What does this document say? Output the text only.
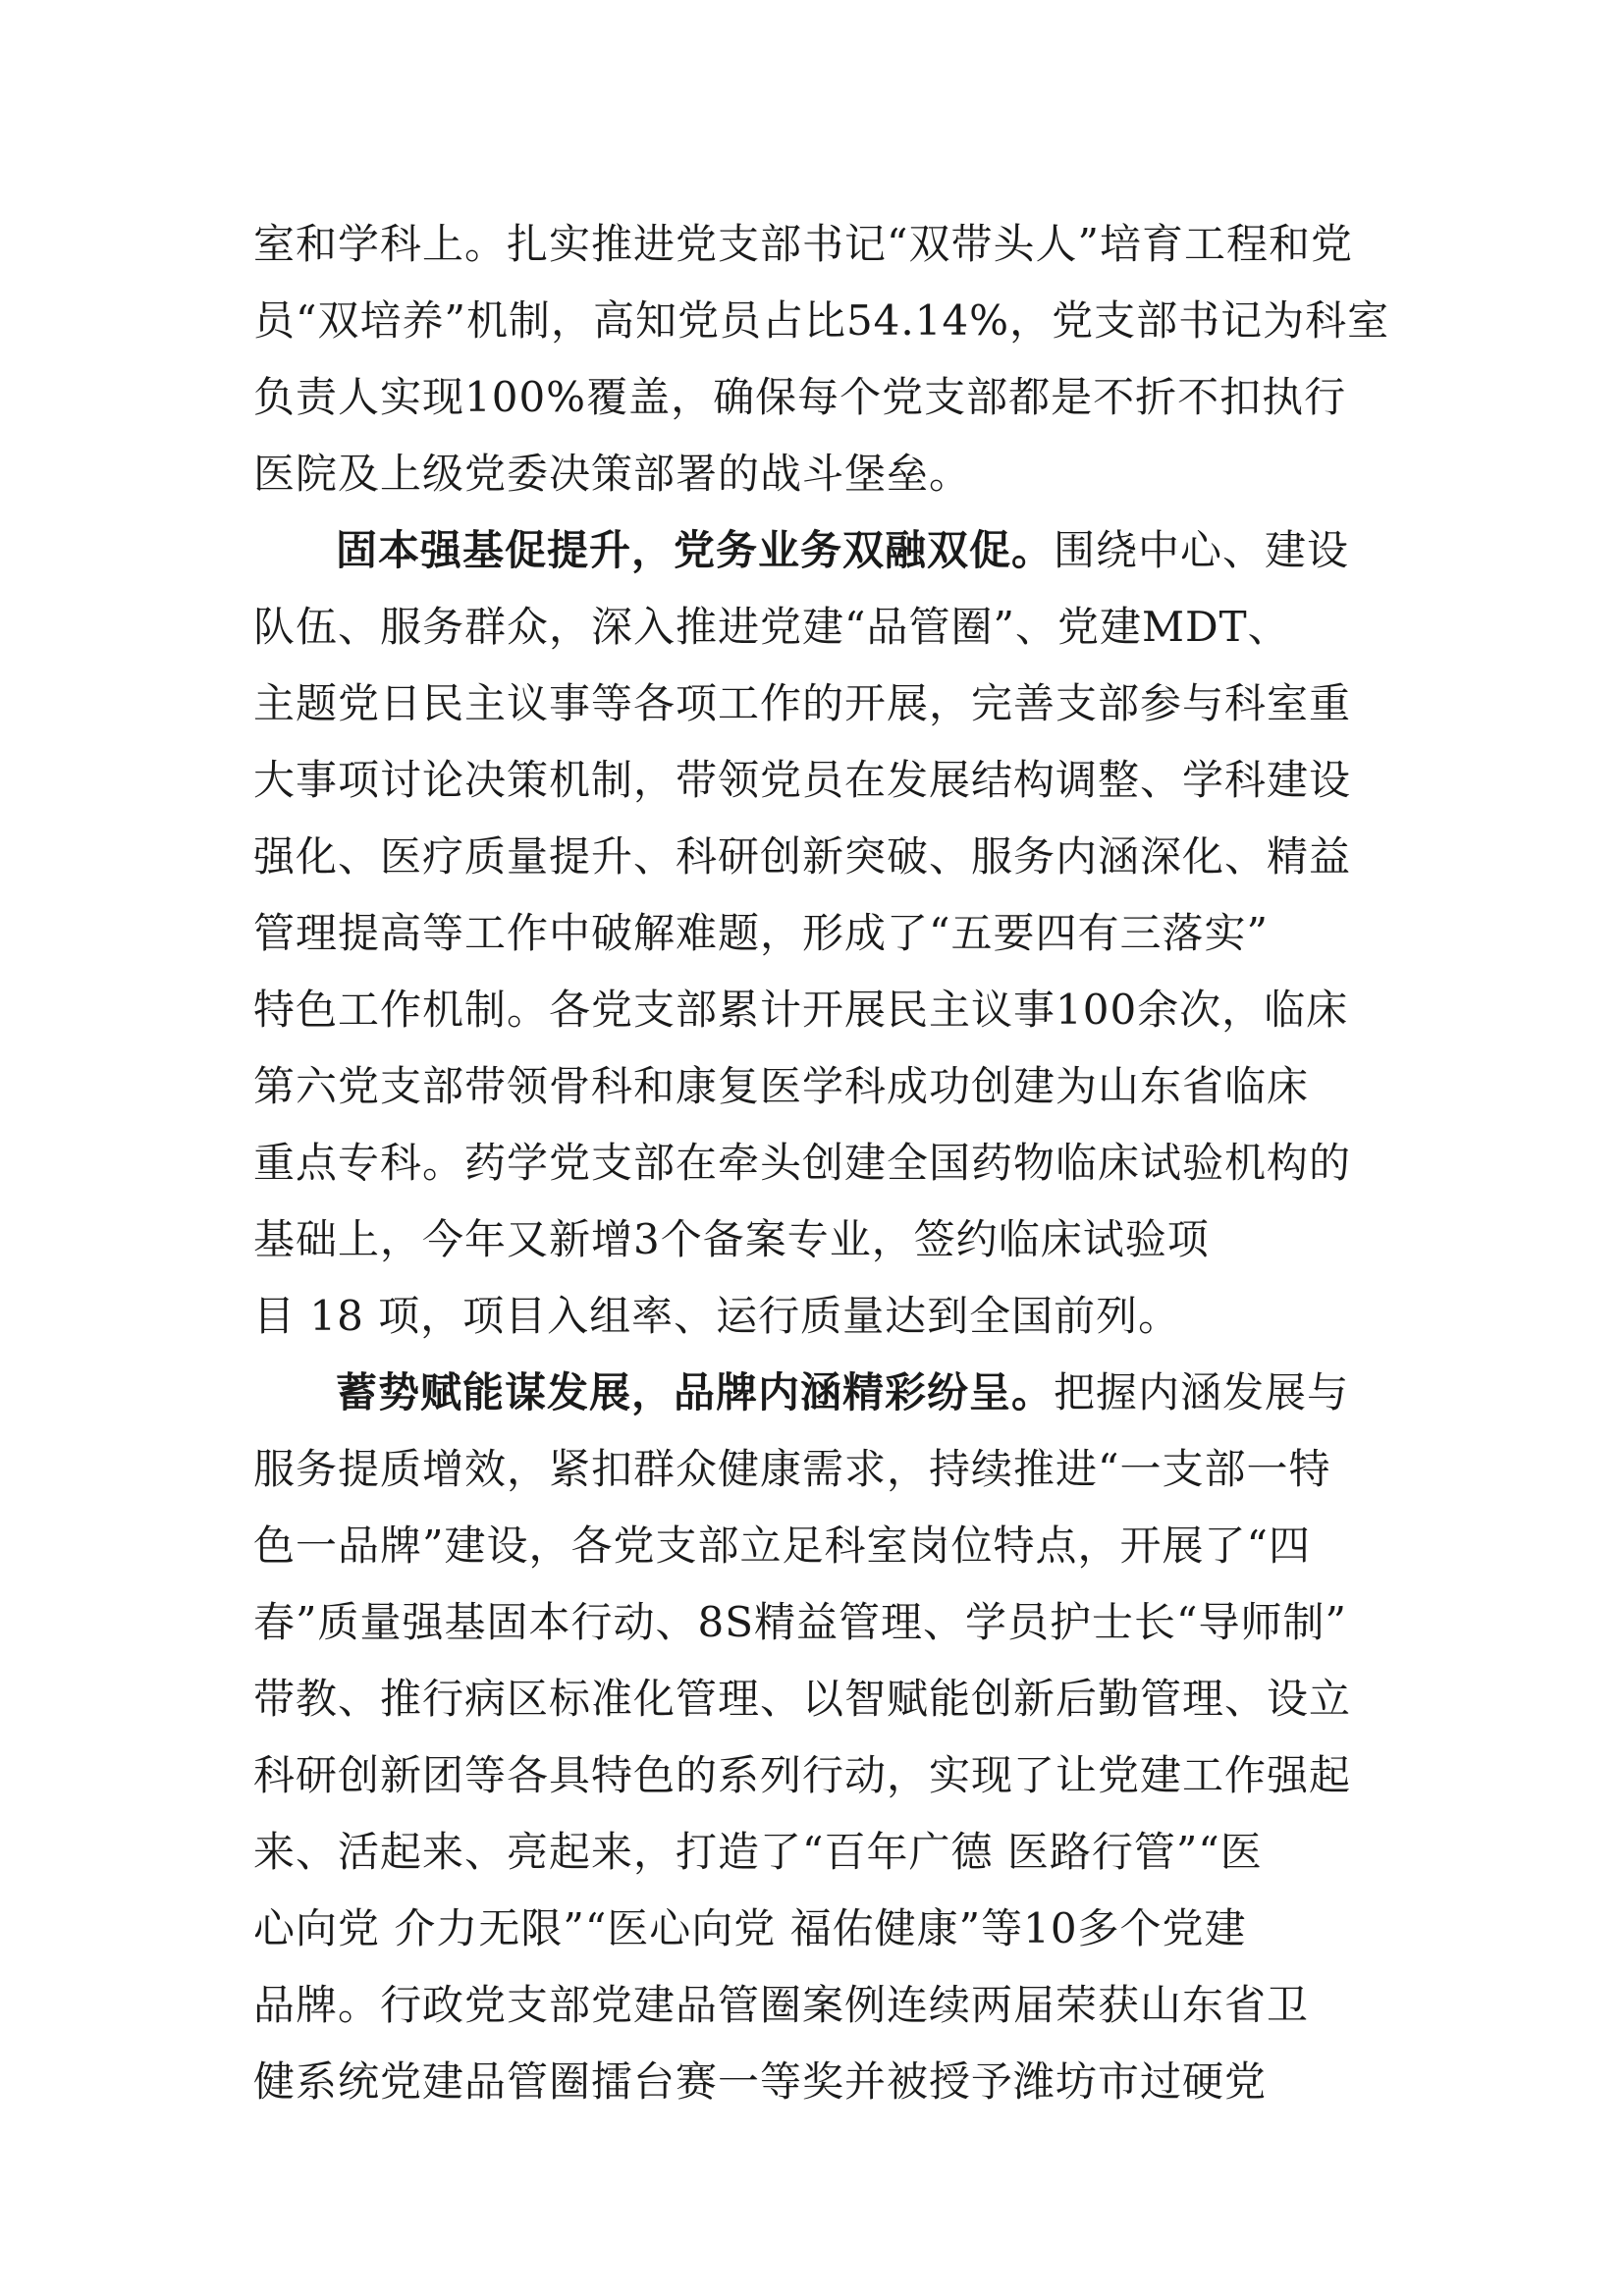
室和学科上。扎实推进党支部书记“双带头人”培育工程和党
员“双培养”机制，高知党员占比54.14%，党支部书记为科室
负责人实现100%覆盖，确保每个党支部都是不折不扣执行
医院及上级党委决策部署的战斗堡垒。
固本强基促提升，党务业务双融双促。围绕中心、建设
队伍、服务群众，深入推进党建“品管圈”、党建MDT、
主题党日民主议事等各项工作的开展，完善支部参与科室重
大事项讨论决策机制，带领党员在发展结构调整、学科建设
强化、医疗质量提升、科研创新突破、服务内涵深化、精益
管理提高等工作中破解难题，形成了“五要四有三落实”
特色工作机制。各党支部累计开展民主议事100余次，临床
第六党支部带领骨科和康复医学科成功创建为山东省临床
重点专科。药学党支部在牵头创建全国药物临床试验机构的
基础上，今年又新增3个备案专业，签约临床试验项
目 18 项，项目入组率、运行质量达到全国前列。
蓄势赋能谋发展，品牌内涵精彩纷呈。把握内涵发展与
服务提质增效，紧扣群众健康需求，持续推进“一支部一特
色一品牌”建设，各党支部立足科室岗位特点，开展了“四
春”质量强基固本行动、8S精益管理、学员护士长“导师制”
带教、推行病区标准化管理、以智赋能创新后勤管理、设立
科研创新团等各具特色的系列行动，实现了让党建工作强起
来、活起来、亮起来，打造了“百年广德 医路行管”“医
心向党 介力无限”“医心向党 福佑健康”等10多个党建
品牌。行政党支部党建品管圈案例连续两届荣获山东省卫
健系统党建品管圈擂台赛一等奖并被授予潍坊市过硬党
